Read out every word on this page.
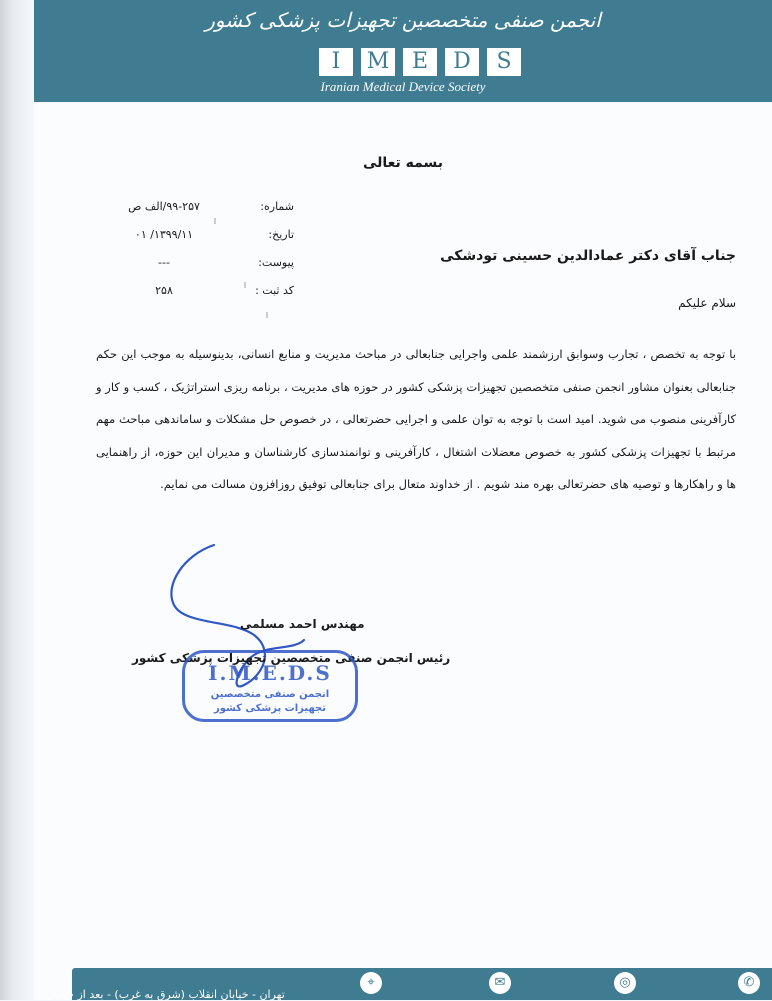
انجمن صنفی متخصصین تجهیزات پزشکی کشور
I	M	E	D	S
Iranian Medical Device Society
بسمه تعالی
شماره:
۹۹-۲۵۷/الف ص
تاریخ:
۱۳۹۹/۱۱/ ۰۱
پیوست:
---
کد ثبت :
۲۵۸
جناب آقای دکتر عمادالدین حسینی تودشکی
سلام علیکم
با توجه به تخصص ، تجارب وسوابق ارزشمند علمی واجرایی جنابعالی در مباحث مدیریت و منابع انسانی، بدینوسیله به موجب این حکم جنابعالی بعنوان مشاور انجمن صنفی متخصصین تجهیزات پزشکی کشور در حوزه های مدیریت ، برنامه ریزی استراتژیک ، کسب و کار و کارآفرینی منصوب می شوید. امید است با توجه به توان علمی و اجرایی حضرتعالی ، در خصوص حل مشکلات و ساماندهی مباحث مهم مرتبط با تجهیزات پزشکی کشور به خصوص معضلات اشتغال ، کارآفرینی و توانمندسازی کارشناسان و مدیران این حوزه، از راهنمایی ها و راهکارها و توصیه های حضرتعالی بهره مند شویم . از خداوند متعال برای جنابعالی توفیق روزافزون مسالت می نمایم.
مهندس احمد مسلمی
رئیس انجمن صنفی متخصصین تجهیزات پزشکی کشور
I.M.E.D.S
انجمن صنفی متخصصین
تجهیزات پزشکی کشور
تهران - خیابان انقلاب (شرق به غرب) - بعد از خیابان
⌖	✉	◎	✆
